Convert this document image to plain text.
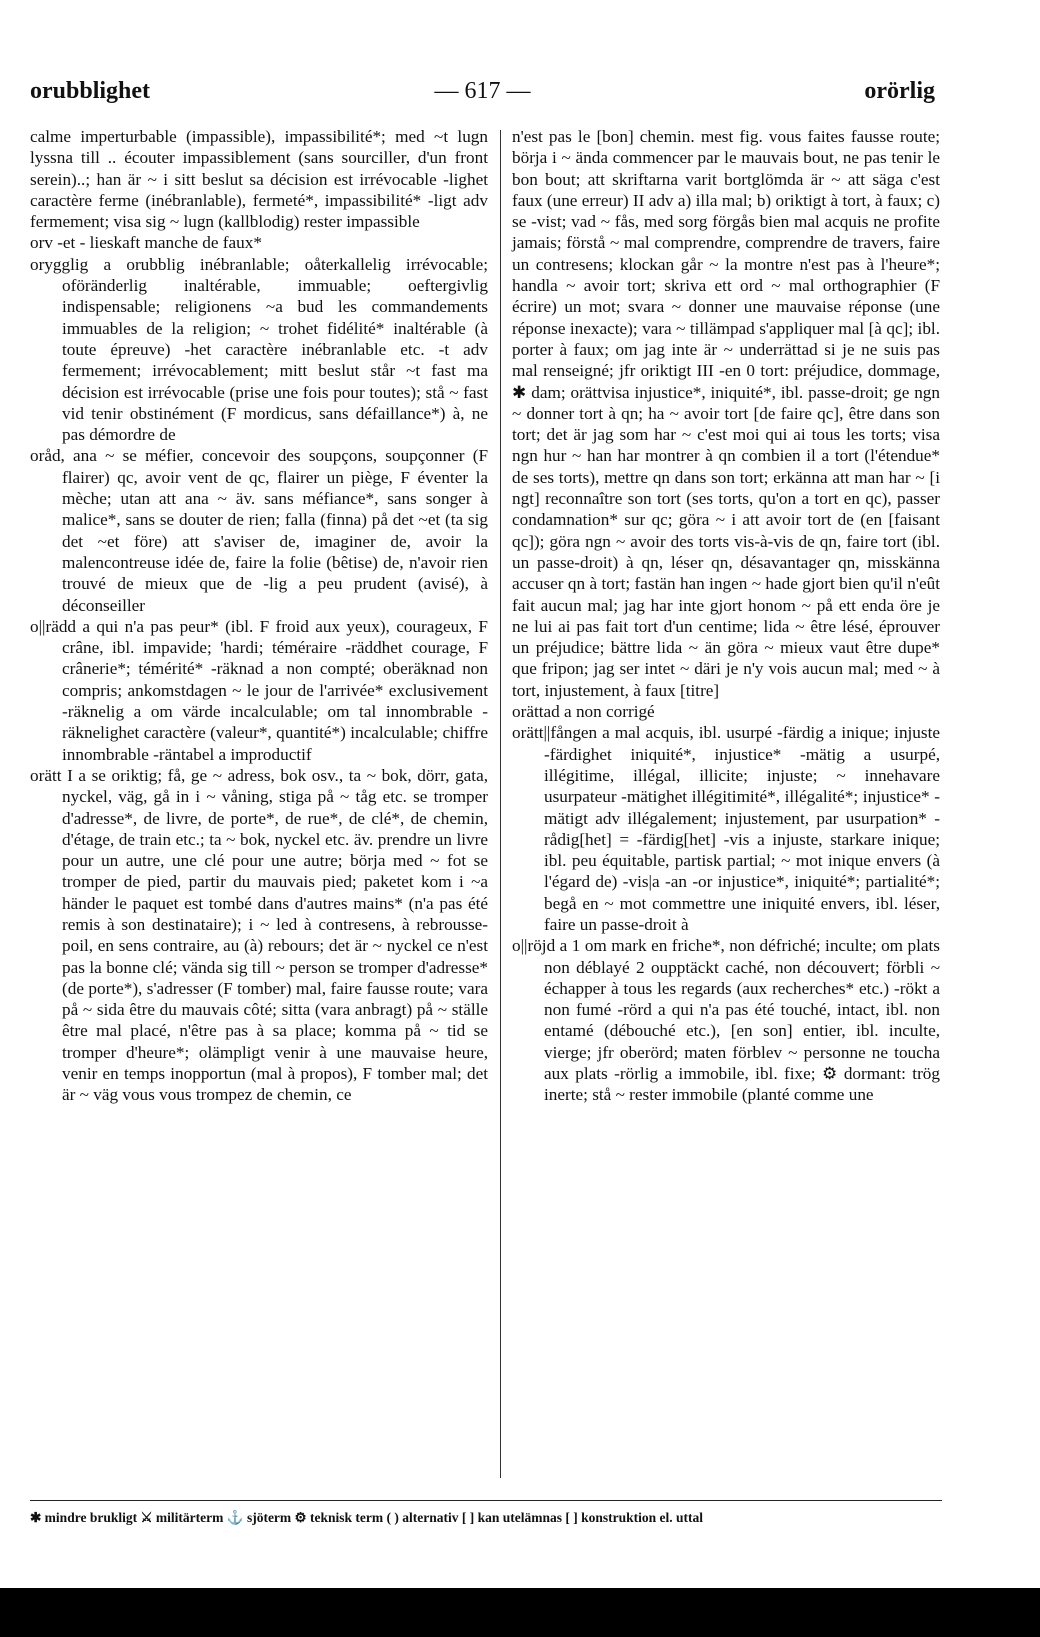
— 617 —
orubblighet	orörlig

calme imperturbable (impassible), impassibilité*; med ~t lugn lyssna till .. écouter impassiblement (sans sourciller, d'un front serein)..; han är ~ i sitt beslut sa décision est irrévocable -lighet caractère ferme (inébranlable), fermeté*, impassibilité* -ligt adv fermement; visa sig ~ lugn (kallblodig) rester impassible

orv -et - lieskaft manche de faux*

orygglig a orubblig inébranlable; oåterkallelig irrévocable; oföränderlig inaltérable, immuable; oeftergivlig indispensable; religionens ~a bud les commandements immuables de la religion; ~ trohet fidélité* inaltérable (à toute épreuve) -het caractère inébranlable etc. -t adv fermement; irrévocablement; mitt beslut står ~t fast ma décision est irrévocable (prise une fois pour toutes); stå ~ fast vid tenir obstinément (F mordicus, sans défaillance*) à, ne pas démordre de

oråd, ana ~ se méfier, concevoir des soupçons, soupçonner (F flairer) qc, avoir vent de qc, flairer un piège, F éventer la mèche; utan att ana ~ äv. sans méfiance*, sans songer à malice*, sans se douter de rien; falla (finna) på det ~et (ta sig det ~et före) att s'aviser de, imaginer de, avoir la malencontreuse idée de, faire la folie (bêtise) de, n'avoir rien trouvé de mieux que de -lig a peu prudent (avisé), à déconseiller

o||rädd a qui n'a pas peur* (ibl. F froid aux yeux), courageux, F crâne, ibl. impavide; 'hardi; téméraire -räddhet courage, F crânerie*; témérité* -räknad a non compté; oberäknad non compris; ankomstdagen ~ le jour de l'arrivée* exclusivement -räknelig a om värde incalculable; om tal innombrable -räknelighet caractère (valeur*, quantité*) incalculable; chiffre innombrable -räntabel a improductif

orätt I a se oriktig; få, ge ~ adress, bok osv., ta ~ bok, dörr, gata, nyckel, väg, gå in i ~ våning, stiga på ~ tåg etc. se tromper d'adresse*, de livre, de porte*, de rue*, de clé*, de chemin, d'étage, de train etc.; ta ~ bok, nyckel etc. äv. prendre un livre pour un autre, une clé pour une autre; börja med ~ fot se tromper de pied, partir du mauvais pied; paketet kom i ~a händer le paquet est tombé dans d'autres mains* (n'a pas été remis à son destinataire); i ~ led à contresens, à rebrousse-poil, en sens contraire, au (à) rebours; det är ~ nyckel ce n'est pas la bonne clé; vända sig till ~ person se tromper d'adresse* (de porte*), s'adresser (F tomber) mal, faire fausse route; vara på ~ sida être du mauvais côté; sitta (vara anbragt) på ~ ställe être mal placé, n'être pas à sa place; komma på ~ tid se tromper d'heure*; olämpligt venir à une mauvaise heure, venir en temps inopportun (mal à propos), F tomber mal; det är ~ väg vous vous trompez de chemin, ce

n'est pas le [bon] chemin. mest fig. vous faites fausse route; börja i ~ ända commencer par le mauvais bout, ne pas tenir le bon bout; att skriftarna varit bortglömda är ~ att säga c'est faux (une erreur) II adv a) illa mal; b) oriktigt à tort, à faux; c) se -vist; vad ~ fås, med sorg förgås bien mal acquis ne profite jamais; förstå ~ mal comprendre, comprendre de travers, faire un contresens; klockan går ~ la montre n'est pas à l'heure*; handla ~ avoir tort; skriva ett ord ~ mal orthographier (F écrire) un mot; svara ~ donner une mauvaise réponse (une réponse inexacte); vara ~ tillämpad s'appliquer mal [à qc]; ibl. porter à faux; om jag inte är ~ underrättad si je ne suis pas mal renseigné; jfr oriktigt III -en 0 tort: préjudice, dommage, ✱ dam; orättvisa injustice*, iniquité*, ibl. passe-droit; ge ngn ~ donner tort à qn; ha ~ avoir tort [de faire qc], être dans son tort; det är jag som har ~ c'est moi qui ai tous les torts; visa ngn hur ~ han har montrer à qn combien il a tort (l'étendue* de ses torts), mettre qn dans son tort; erkänna att man har ~ [i ngt] reconnaître son tort (ses torts, qu'on a tort en qc), passer condamnation* sur qc; göra ~ i att avoir tort de (en [faisant qc]); göra ngn ~ avoir des torts vis-à-vis de qn, faire tort (ibl. un passe-droit) à qn, léser qn, désavantager qn, misskänna accuser qn à tort; fastän han ingen ~ hade gjort bien qu'il n'eût fait aucun mal; jag har inte gjort honom ~ på ett enda öre je ne lui ai pas fait tort d'un centime; lida ~ être lésé, éprouver un préjudice; bättre lida ~ än göra ~ mieux vaut être dupe* que fripon; jag ser intet ~ däri je n'y vois aucun mal; med ~ à tort, injustement, à faux [titre]

orättad a non corrigé

orätt||fången a mal acquis, ibl. usurpé -färdig a inique; injuste -färdighet iniquité*, injustice* -mätig a usurpé, illégitime, illégal, illicite; injuste; ~ innehavare usurpateur -mätighet illégitimité*, illégalité*; injustice* -mätigt adv illégalement; injustement, par usurpation* -rådig[het] = -färdig[het] -vis a injuste, starkare inique; ibl. peu équitable, partisk partial; ~ mot inique envers (à l'égard de) -vis|a -an -or injustice*, iniquité*; partialité*; begå en ~ mot commettre une iniquité envers, ibl. léser, faire un passe-droit à

o||röjd a 1 om mark en friche*, non défriché; inculte; om plats non déblayé 2 oupptäckt caché, non découvert; förbli ~ échapper à tous les regards (aux recherches* etc.) -rökt a non fumé -rörd a qui n'a pas été touché, intact, ibl. non entamé (débouché etc.), [en son] entier, ibl. inculte, vierge; jfr oberörd; maten förblev ~ personne ne toucha aux plats -rörlig a immobile, ibl. fixe; ⚙ dormant: trög inerte; stå ~ rester immobile (planté comme une

✱ mindre brukligt ⚔ militärterm ⚓ sjöterm ⚙ teknisk term ( ) alternativ [ ] kan utelämnas [ ] konstruktion el. uttal
